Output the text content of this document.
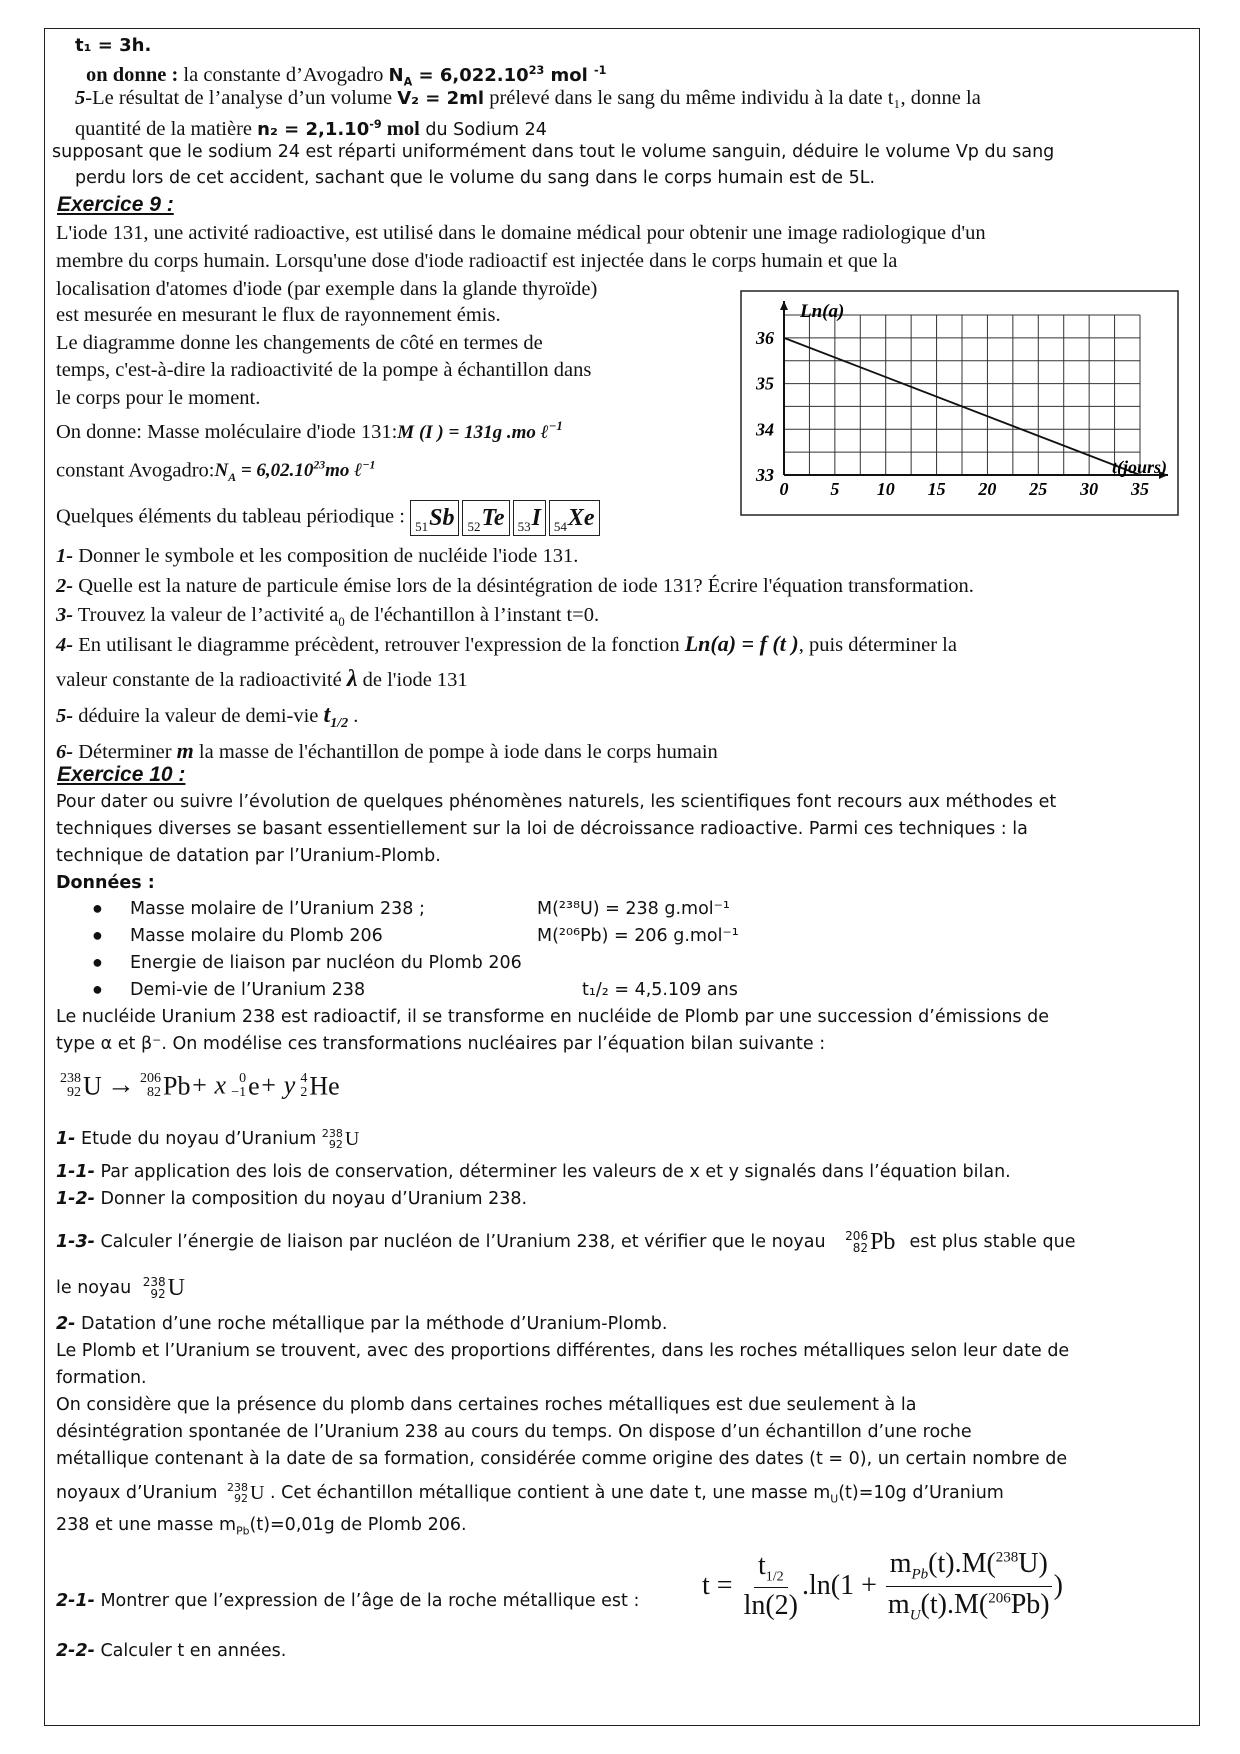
t₁ = 3h.
on donne : la constante d’Avogadro $N_A = 6,022.10^{23}$ mol $^{-1}$
5-Le résultat de l’analyse d’un volume V₂ = 2ml prélevé dans le sang du même individu à la date t₁, donne la
quantité de la matière $n_2 = 2,1.10^{-9}$ mol du Sodium 24
supposant que le sodium 24 est réparti uniformément dans tout le volume sanguin, déduire le volume Vp du sang
perdu lors de cet accident, sachant que le volume du sang dans le corps humain est de 5L.
Exercice 9 :
L'iode 131, une activité radioactive, est utilisé dans le domaine médical pour obtenir une image radiologique d'un
membre du corps humain. Lorsqu'une dose d'iode radioactif est injectée dans le corps humain et que la
localisation d'atomes d'iode (par exemple dans la glande thyroïde)
est mesurée en mesurant le flux de rayonnement émis.
Le diagramme donne les changements de côté en termes de
temps, c'est-à-dire la radioactivité de la pompe à échantillon dans
le corps pour le moment.
On donne: Masse moléculaire d'iode 131:M (I ) = 131g .mo ℓ$^{-1}$
constant $Avogadro:N_A = 6,02.10^{23}mo$ ℓ$^{-1}$
Quelques éléments du tableau périodique : $_{51}$Sb	$_{52}$Te	$_{53}$I	$_{54}$Xe
0 5 10 15 20 25 30 35
33
34
35
36
Ln(a)
t(jours)
1- Donner le symbole et les composition de nucléide l'iode 131.
2- Quelle est la nature de particule émise lors de la désintégration de iode 131? Écrire l'équation transformation.
3- Trouvez la valeur de l’activité $a_0$ de l'échantillon à l’instant t=0.
4- En utilisant le diagramme précèdent, retrouver l'expression de la fonction Ln(a) = f (t ), puis déterminer la
valeur constante de la radioactivité λ de l'iode 131
5- déduire la valeur de demi-vie $t_{1/2}$ .
6- Déterminer m la masse de l'échantillon de pompe à iode dans le corps humain
Exercice 10 :
Pour dater ou suivre l’évolution de quelques phénomènes naturels, les scientifiques font recours aux méthodes et
techniques diverses se basant essentiellement sur la loi de décroissance radioactive. Parmi ces techniques : la
technique de datation par l’Uranium-Plomb.
Données :
● Masse molaire de l’Uranium 238 ;	M(²³⁸U) = 238 g.mol⁻¹
● Masse molaire du Plomb 206	M(²⁰⁶Pb) = 206 g.mol⁻¹
● Energie de liaison par nucléon du Plomb 206
● Demi-vie de l’Uranium 238	t₁/₂ = 4,5.109 ans
Le nucléide Uranium 238 est radioactif, il se transforme en nucléide de Plomb par une succession d’émissions de
type α et β⁻. On modélise ces transformations nucléaires par l’équation bilan suivante :
238
92 U → 206
82 Pb+ x 0
−1 e+ y 4
2 He
1- Etude du noyau d’Uranium 238
92 U
1-1- Par application des lois de conservation, déterminer les valeurs de x et y signalés dans l’équation bilan.
1-2- Donner la composition du noyau d’Uranium 238.
1-3- Calculer l’énergie de liaison par nucléon de l’Uranium 238, et vérifier que le noyau 206
82 Pb est plus stable que
le noyau 238
92 U
2- Datation d’une roche métallique par la méthode d’Uranium-Plomb.
Le Plomb et l’Uranium se trouvent, avec des proportions différentes, dans les roches métalliques selon leur date de
formation.
On considère que la présence du plomb dans certaines roches métalliques est due seulement à la
désintégration spontanée de l’Uranium 238 au cours du temps. On dispose d’un échantillon d’une roche
métallique contenant à la date de sa formation, considérée comme origine des dates (t = 0), un certain nombre de
noyaux d’Uranium 238
92 U . Cet échantillon métallique contient à une date t, une masse $m_U(t)=10g$ d’Uranium
238 et une masse $m_{Pb}(t)=0,01g$ de Plomb 206.
2-1- Montrer que l’expression de l’âge de la roche métallique est : $t = \frac{t_{1/2}}{\ln(2)} .\ln(1 + \frac{m_{Pb}(t).M(^{238}U)}{m_U(t).M(^{206}Pb)}$ )
2-2- Calculer t en années.
